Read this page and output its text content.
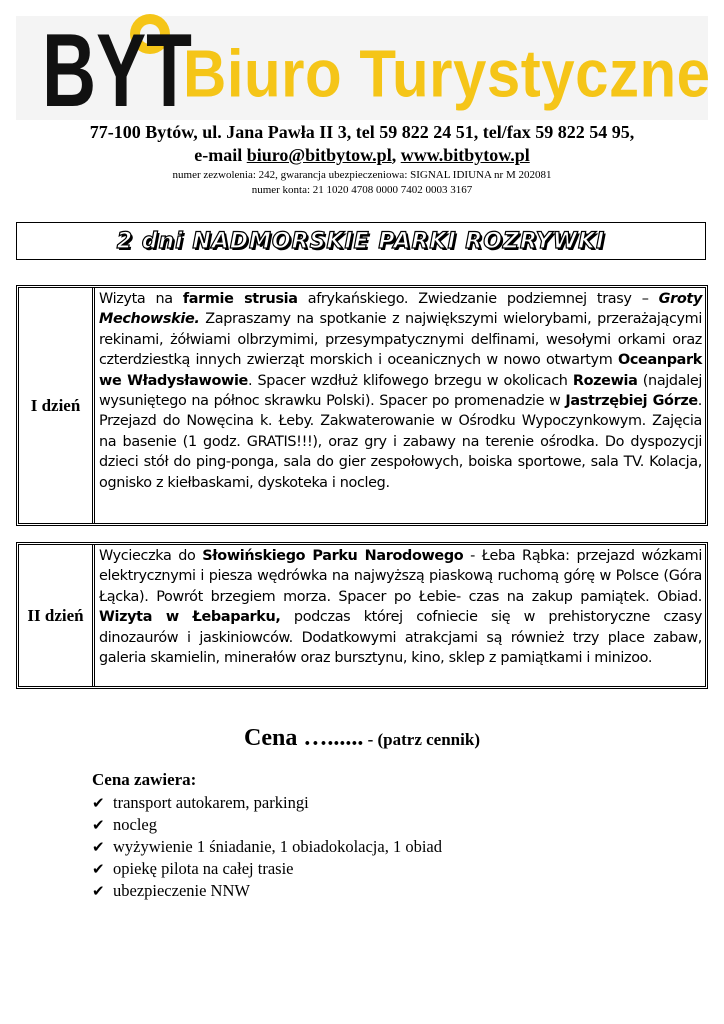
BYT
Biuro Turystyczne
77-100 Bytów, ul. Jana Pawła II 3, tel 59 822 24 51, tel/fax 59 822 54 95,
e-mail biuro@bitbytow.pl, www.bitbytow.pl
numer zezwolenia: 242, gwarancja ubezpieczeniowa: SIGNAL IDIUNA nr M 202081
numer konta: 21 1020 4708 0000 7402 0003 3167
2 dni NADMORSKIE PARKI ROZRYWKI
I dzień
Wizyta na farmie strusia afrykańskiego. Zwiedzanie podziemnej trasy – Groty Mechowskie. Zapraszamy na spotkanie z największymi wielorybami, przerażającymi rekinami, żółwiami olbrzymimi, przesympatycznymi delfinami, wesołymi orkami oraz czterdziestką innych zwierząt morskich i oceanicznych w nowo otwartym Oceanpark we Władysławowie. Spacer wzdłuż klifowego brzegu w okolicach Rozewia (najdalej wysuniętego na północ skrawku Polski). Spacer po promenadzie w Jastrzębiej Górze. Przejazd do Nowęcina k. Łeby. Zakwaterowanie w Ośrodku Wypoczynkowym. Zajęcia na basenie (1 godz. GRATIS!!!), oraz gry i zabawy na terenie ośrodka. Do dyspozycji dzieci stół do ping-ponga, sala do gier zespołowych, boiska sportowe, sala TV. Kolacja, ognisko z kiełbaskami, dyskoteka i nocleg.
II dzień
Wycieczka do Słowińskiego Parku Narodowego - Łeba Rąbka: przejazd wózkami elektrycznymi i piesza wędrówka na najwyższą piaskową ruchomą górę w Polsce (Góra Łącka). Powrót brzegiem morza. Spacer po Łebie- czas na zakup pamiątek. Obiad. Wizyta w Łebaparku, podczas której cofniecie się w prehistoryczne czasy dinozaurów i jaskiniowców. Dodatkowymi atrakcjami są również trzy place zabaw, galeria skamielin, minerałów oraz bursztynu, kino, sklep z pamiątkami i minizoo.
Cena …...... - (patrz cennik)
Cena zawiera:
✔ transport autokarem, parkingi
✔ nocleg
✔ wyżywienie 1 śniadanie, 1 obiadokolacja, 1 obiad
✔ opiekę pilota na całej trasie
✔ ubezpieczenie NNW
